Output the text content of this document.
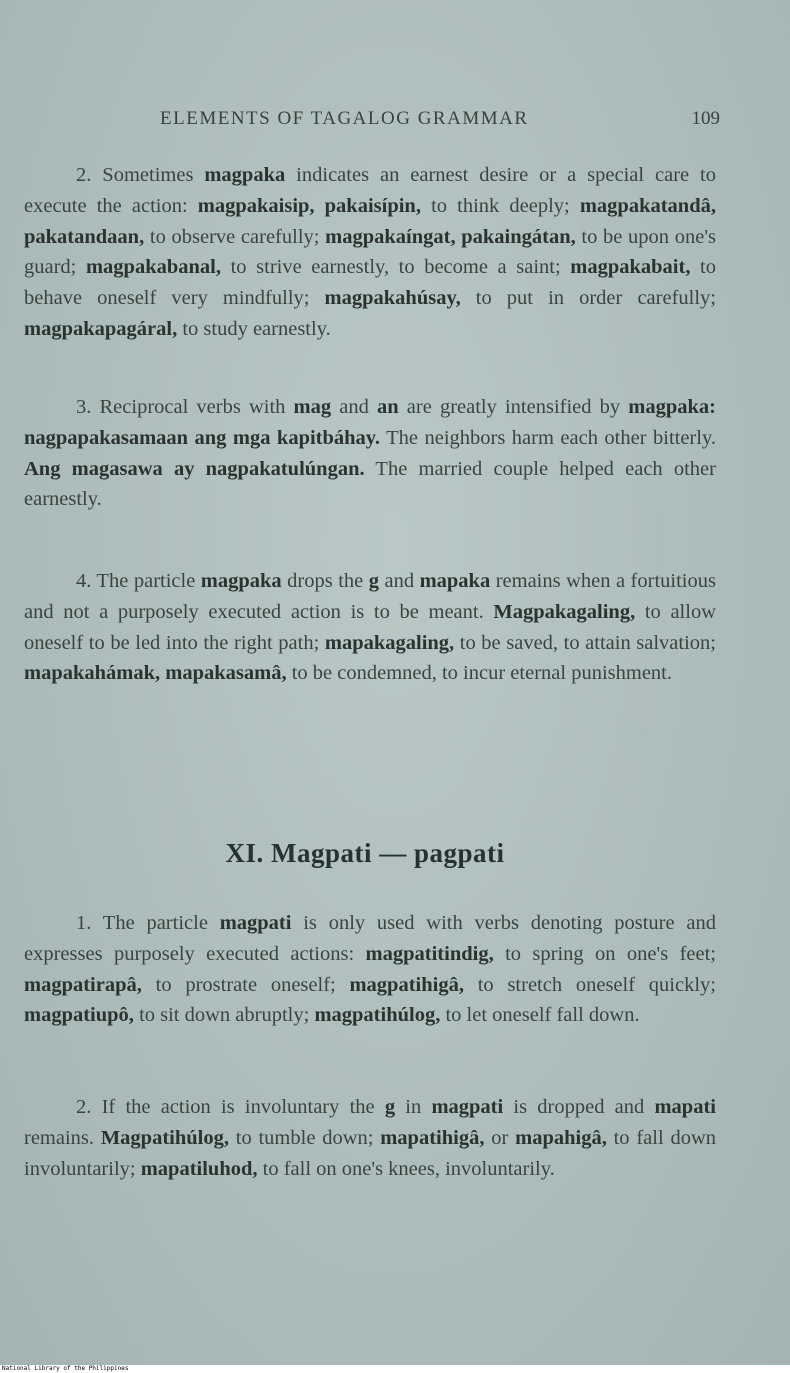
ELEMENTS OF TAGALOG GRAMMAR	109

2. Sometimes magpaka indicates an earnest desire or a special care to execute the action: magpakaisip, pakaisípin, to think deeply; magpakatandâ, pakatandaan, to observe carefully; magpakaíngat, pakaingátan, to be upon one's guard; magpakabanal, to strive earnestly, to become a saint; magpakabait, to behave oneself very mindfully; magpakahúsay, to put in order carefully; magpakapagáral, to study earnestly.

3. Reciprocal verbs with mag and an are greatly intensified by magpaka: nagpapakasamaan ang mga kapitbáhay. The neighbors harm each other bitterly. Ang magasawa ay nagpakatulúngan. The married couple helped each other earnestly.

4. The particle magpaka drops the g and mapaka remains when a fortuitious and not a purposely executed action is to be meant. Magpakagaling, to allow oneself to be led into the right path; mapakagaling, to be saved, to attain salvation; mapakahámak, mapakasamâ, to be condemned, to incur eternal punishment.

XI. Magpati — pagpati

1. The particle magpati is only used with verbs denoting posture and expresses purposely executed actions: magpatitindig, to spring on one's feet; magpatirapâ, to prostrate oneself; magpatihigâ, to stretch oneself quickly; magpatiupô, to sit down abruptly; magpatihúlog, to let oneself fall down.

2. If the action is involuntary the g in magpati is dropped and mapati remains. Magpatihúlog, to tumble down; mapatihigâ, or mapahigâ, to fall down involuntarily; mapatiluhod, to fall on one's knees, involuntarily.

National Library of the Philippines
